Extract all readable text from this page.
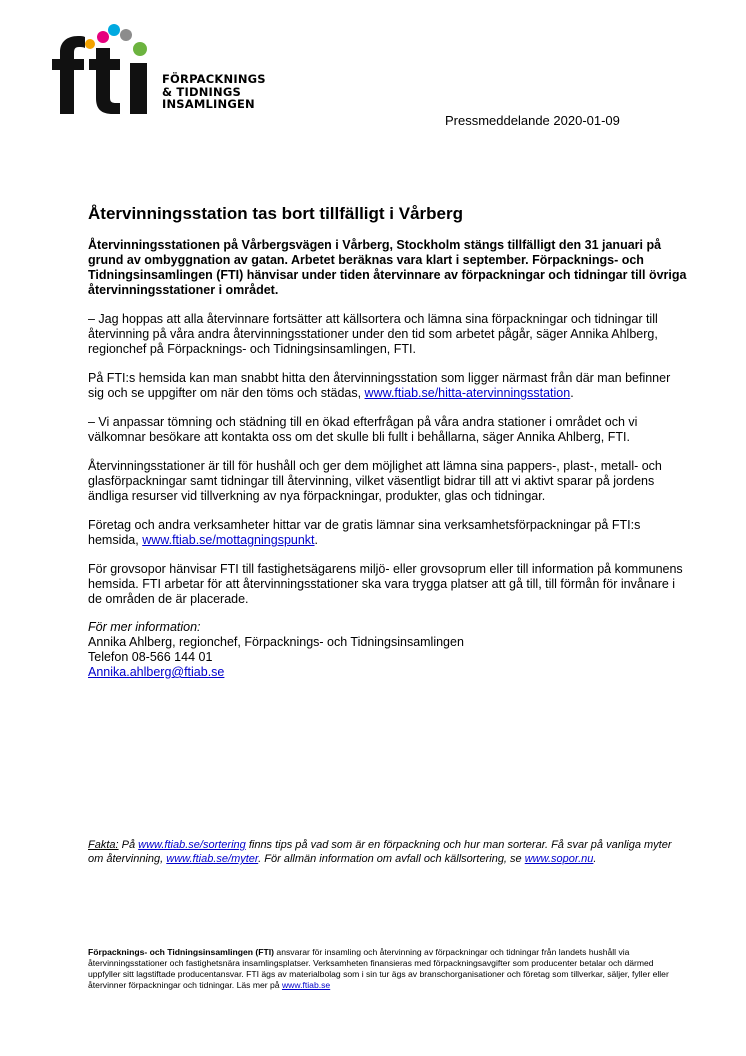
FÖRPACKNINGS
& TIDNINGS
INSAMLINGEN
Pressmeddelande 2020-01-09
Återvinningsstation tas bort tillfälligt i Vårberg

Återvinningsstationen på Vårbergsvägen i Vårberg, Stockholm stängs tillfälligt den 31 januari på grund av ombyggnation av gatan. Arbetet beräknas vara klart i september. Förpacknings- och Tidningsinsamlingen (FTI) hänvisar under tiden återvinnare av förpackningar och tidningar till övriga återvinningsstationer i området.

– Jag hoppas att alla återvinnare fortsätter att källsortera och lämna sina förpackningar och tidningar till återvinning på våra andra återvinningsstationer under den tid som arbetet pågår, säger Annika Ahlberg, regionchef på Förpacknings- och Tidningsinsamlingen, FTI.

På FTI:s hemsida kan man snabbt hitta den återvinningsstation som ligger närmast från där man befinner sig och se uppgifter om när den töms och städas, www.ftiab.se/hitta-atervinningsstation.

– Vi anpassar tömning och städning till en ökad efterfrågan på våra andra stationer i området och vi välkomnar besökare att kontakta oss om det skulle bli fullt i behållarna, säger Annika Ahlberg, FTI.

Återvinningsstationer är till för hushåll och ger dem möjlighet att lämna sina pappers-, plast-, metall- och glasförpackningar samt tidningar till återvinning, vilket väsentligt bidrar till att vi aktivt sparar på jordens ändliga resurser vid tillverkning av nya förpackningar, produkter, glas och tidningar.

Företag och andra verksamheter hittar var de gratis lämnar sina verksamhetsförpackningar på FTI:s hemsida, www.ftiab.se/mottagningspunkt.

För grovsopor hänvisar FTI till fastighetsägarens miljö- eller grovsoprum eller till information på kommunens hemsida. FTI arbetar för att återvinningsstationer ska vara trygga platser att gå till, till förmån för invånare i de områden de är placerade.

För mer information:
Annika Ahlberg, regionchef, Förpacknings- och Tidningsinsamlingen
Telefon 08-566 144 01
Annika.ahlberg@ftiab.se
Fakta: På www.ftiab.se/sortering finns tips på vad som är en förpackning och hur man sorterar. Få svar på vanliga myter om återvinning, www.ftiab.se/myter. För allmän information om avfall och källsortering, se www.sopor.nu.
Förpacknings- och Tidningsinsamlingen (FTI) ansvarar för insamling och återvinning av förpackningar och tidningar från landets hushåll via återvinningsstationer och fastighetsnära insamlingsplatser. Verksamheten finansieras med förpackningsavgifter som producenter betalar och därmed uppfyller sitt lagstiftade producentansvar. FTI ägs av materialbolag som i sin tur ägs av branschorganisationer och företag som tillverkar, säljer, fyller eller återvinner förpackningar och tidningar. Läs mer på www.ftiab.se
